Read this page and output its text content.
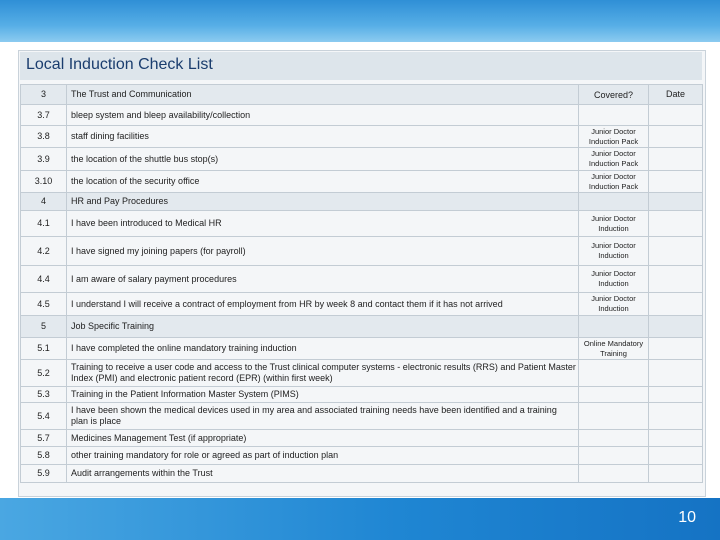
Local Induction Check List
3	The Trust and Communication	Covered?	Date
3.7	bleep system and bleep availability/collection		
3.8	staff dining facilities	Junior Doctor Induction Pack	
3.9	the location of the shuttle bus stop(s)	Junior Doctor Induction Pack	
3.10	the location of the security office	Junior Doctor Induction Pack	
4	HR and Pay Procedures		
4.1	I have been introduced to Medical HR	Junior Doctor Induction	
4.2	I have signed my joining papers (for payroll)	Junior Doctor Induction	
4.4	I am aware of salary payment procedures	Junior Doctor Induction	
4.5	I understand I will receive a contract of employment from HR by week 8 and contact them if it has not arrived	Junior Doctor Induction	
5	Job Specific Training		
5.1	I have completed the online mandatory training induction	Online Mandatory Training	
5.2	Training to receive a user code and access to the Trust clinical computer systems - electronic results (RRS) and Patient Master Index (PMI) and electronic patient record (EPR) (within first week)		
5.3	Training in the Patient Information Master System (PIMS)		
5.4	I have been shown the medical devices used in my area and associated training needs have been identified and a training plan is place		
5.7	Medicines Management Test (if appropriate)		
5.8	other training mandatory for role or agreed as part of induction plan		
5.9	Audit arrangements within the Trust		
10
